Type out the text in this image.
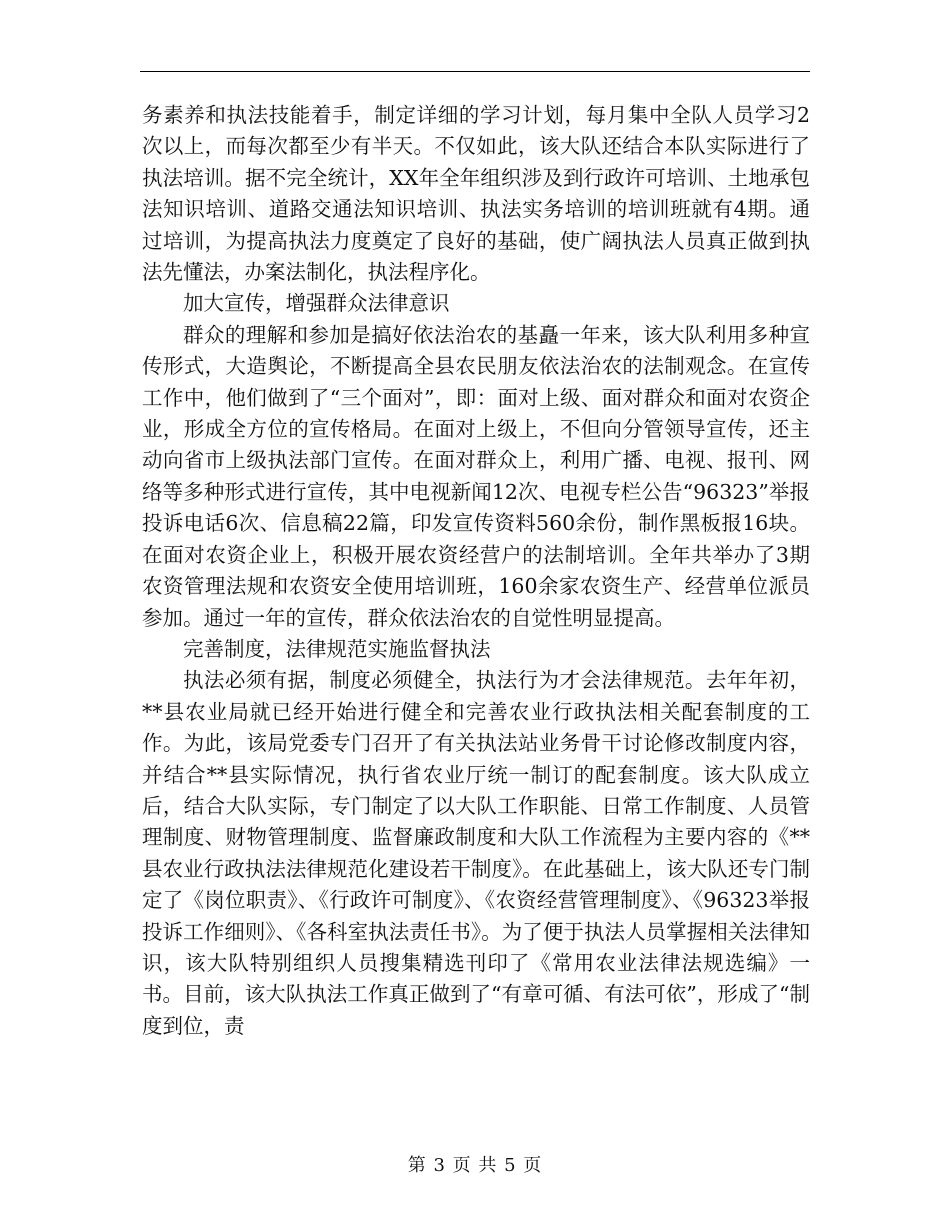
务素养和执法技能着手，制定详细的学习计划，每月集中全队人员学习2次以上，而每次都至少有半天。不仅如此，该大队还结合本队实际进行了执法培训。据不完全统计，XX年全年组织涉及到行政许可培训、土地承包法知识培训、道路交通法知识培训、执法实务培训的培训班就有4期。通过培训，为提高执法力度奠定了良好的基础，使广阔执法人员真正做到执法先懂法，办案法制化，执法程序化。

加大宣传，增强群众法律意识

群众的理解和参加是搞好依法治农的基矗一年来，该大队利用多种宣传形式，大造舆论，不断提高全县农民朋友依法治农的法制观念。在宣传工作中，他们做到了“三个面对”，即：面对上级、面对群众和面对农资企业，形成全方位的宣传格局。在面对上级上，不但向分管领导宣传，还主动向省市上级执法部门宣传。在面对群众上，利用广播、电视、报刊、网络等多种形式进行宣传，其中电视新闻12次、电视专栏公告“96323”举报投诉电话6次、信息稿22篇，印发宣传资料560余份，制作黑板报16块。在面对农资企业上，积极开展农资经营户的法制培训。全年共举办了3期农资管理法规和农资安全使用培训班，160余家农资生产、经营单位派员参加。通过一年的宣传，群众依法治农的自觉性明显提高。

完善制度，法律规范实施监督执法

执法必须有据，制度必须健全，执法行为才会法律规范。去年年初，**县农业局就已经开始进行健全和完善农业行政执法相关配套制度的工作。为此，该局党委专门召开了有关执法站业务骨干讨论修改制度内容，并结合**县实际情况，执行省农业厅统一制订的配套制度。该大队成立后，结合大队实际，专门制定了以大队工作职能、日常工作制度、人员管理制度、财物管理制度、监督廉政制度和大队工作流程为主要内容的《**县农业行政执法法律规范化建设若干制度》。在此基础上，该大队还专门制定了《岗位职责》、《行政许可制度》、《农资经营管理制度》、《96323举报投诉工作细则》、《各科室执法责任书》。为了便于执法人员掌握相关法律知识，该大队特别组织人员搜集精选刊印了《常用农业法律法规选编》一书。目前，该大队执法工作真正做到了“有章可循、有法可依”，形成了“制度到位，责

第 3 页 共 5 页
